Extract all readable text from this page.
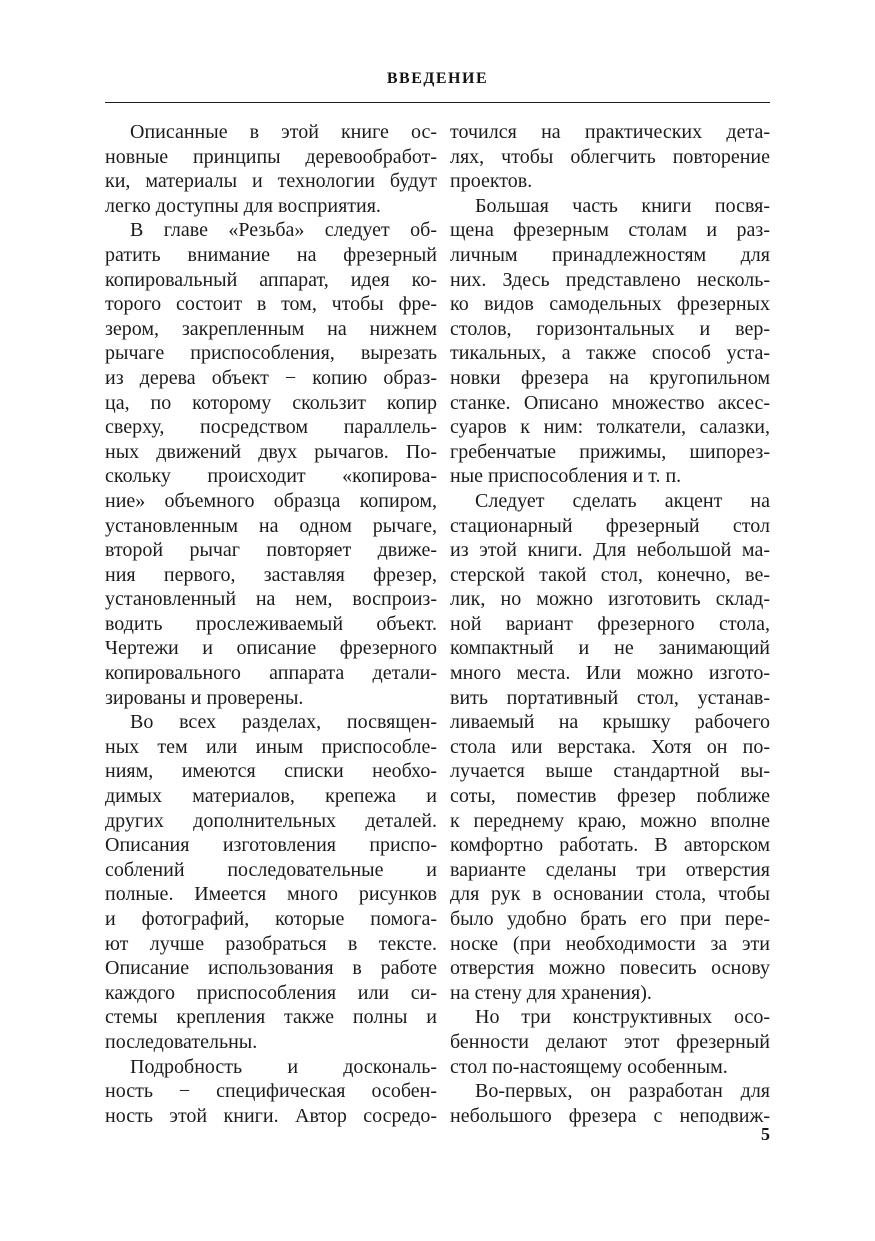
ВВЕДЕНИЕ
Описанные в этой книге ос-
новные принципы деревообработ-
ки, материалы и технологии будут
легко доступны для восприятия.
В главе «Резьба» следует об-
ратить внимание на фрезерный
копировальный аппарат, идея ко-
торого состоит в том, чтобы фре-
зером, закрепленным на нижнем
рычаге приспособления, вырезать
из дерева объект − копию образ-
ца, по которому скользит копир
сверху, посредством параллель-
ных движений двух рычагов. По-
скольку происходит «копирова-
ние» объемного образца копиром,
установленным на одном рычаге,
второй рычаг повторяет движе-
ния первого, заставляя фрезер,
установленный на нем, воспроиз-
водить прослеживаемый объект.
Чертежи и описание фрезерного
копировального аппарата детали-
зированы и проверены.
Во всех разделах, посвящен-
ных тем или иным приспособле-
ниям, имеются списки необхо-
димых материалов, крепежа и
других дополнительных деталей.
Описания изготовления приспо-
соблений последовательные и
полные. Имеется много рисунков
и фотографий, которые помога-
ют лучше разобраться в тексте.
Описание использования в работе
каждого приспособления или си-
стемы крепления также полны и
последовательны.
Подробность и доскональ-
ность − специфическая особен-
ность этой книги. Автор сосредо-
точился на практических дета-
лях, чтобы облегчить повторение
проектов.
Большая часть книги посвя-
щена фрезерным столам и раз-
личным принадлежностям для
них. Здесь представлено несколь-
ко видов самодельных фрезерных
столов, горизонтальных и вер-
тикальных, а также способ уста-
новки фрезера на кругопильном
станке. Описано множество аксес-
суаров к ним: толкатели, салазки,
гребенчатые прижимы, шипорез-
ные приспособления и т. п.
Следует сделать акцент на
стационарный фрезерный стол
из этой книги. Для небольшой ма-
стерской такой стол, конечно, ве-
лик, но можно изготовить склад-
ной вариант фрезерного стола,
компактный и не занимающий
много места. Или можно изгото-
вить портативный стол, устанав-
ливаемый на крышку рабочего
стола или верстака. Хотя он по-
лучается выше стандартной вы-
соты, поместив фрезер поближе
к переднему краю, можно вполне
комфортно работать. В авторском
варианте сделаны три отверстия
для рук в основании стола, чтобы
было удобно брать его при пере-
носке (при необходимости за эти
отверстия можно повесить основу
на стену для хранения).
Но три конструктивных осо-
бенности делают этот фрезерный
стол по-настоящему особенным.
Во-первых, он разработан для
небольшого фрезера с неподвиж-
5
